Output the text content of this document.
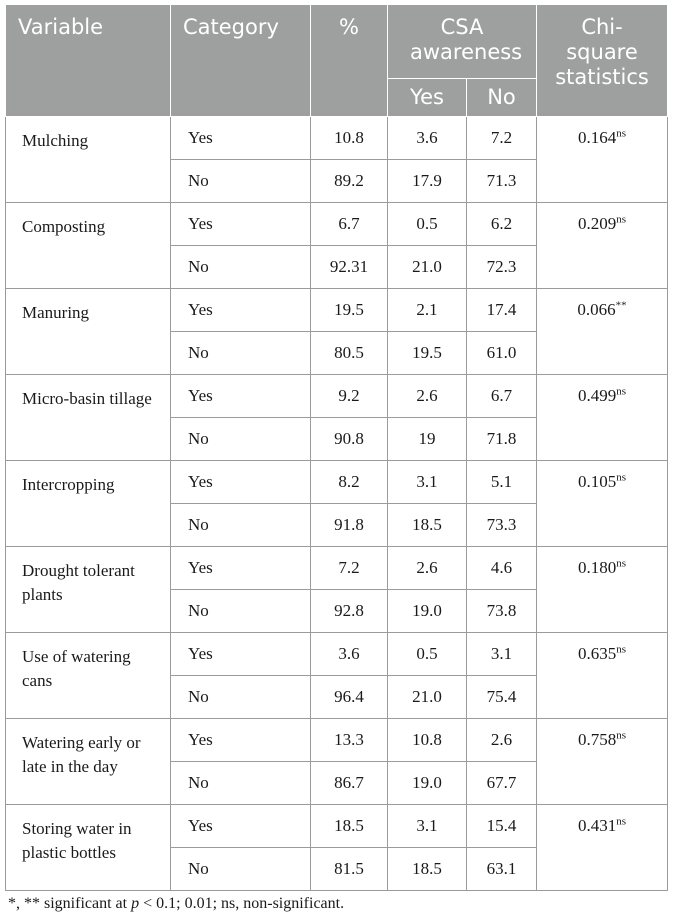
Variable	Category	%	CSA awareness		Chi-square statistics
			Yes	No	
Mulching	Yes	10.8	3.6	7.2	$0.164^{ns}$
	No	89.2	17.9	71.3	
Composting	Yes	6.7	0.5	6.2	$0.209^{ns}$
	No	92.31	21.0	72.3	
Manuring	Yes	19.5	2.1	17.4	0.066**
	No	80.5	19.5	61.0	
Micro-basin tillage	Yes	9.2	2.6	6.7	$0.499^{ns}$
	No	90.8	19	71.8	
Intercropping	Yes	8.2	3.1	5.1	$0.105^{ns}$
	No	91.8	18.5	73.3	
Drought tolerant plants	Yes	7.2	2.6	4.6	$0.180^{ns}$
	No	92.8	19.0	73.8	
Use of watering cans	Yes	3.6	0.5	3.1	$0.635^{ns}$
	No	96.4	21.0	75.4	
Watering early or late in the day	Yes	13.3	10.8	2.6	$0.758^{ns}$
	No	86.7	19.0	67.7	
Storing water in plastic bottles	Yes	18.5	3.1	15.4	$0.431^{ns}$
	No	81.5	18.5	63.1	
*, ** significant at p < 0.1; 0.01; ns, non-significant.
